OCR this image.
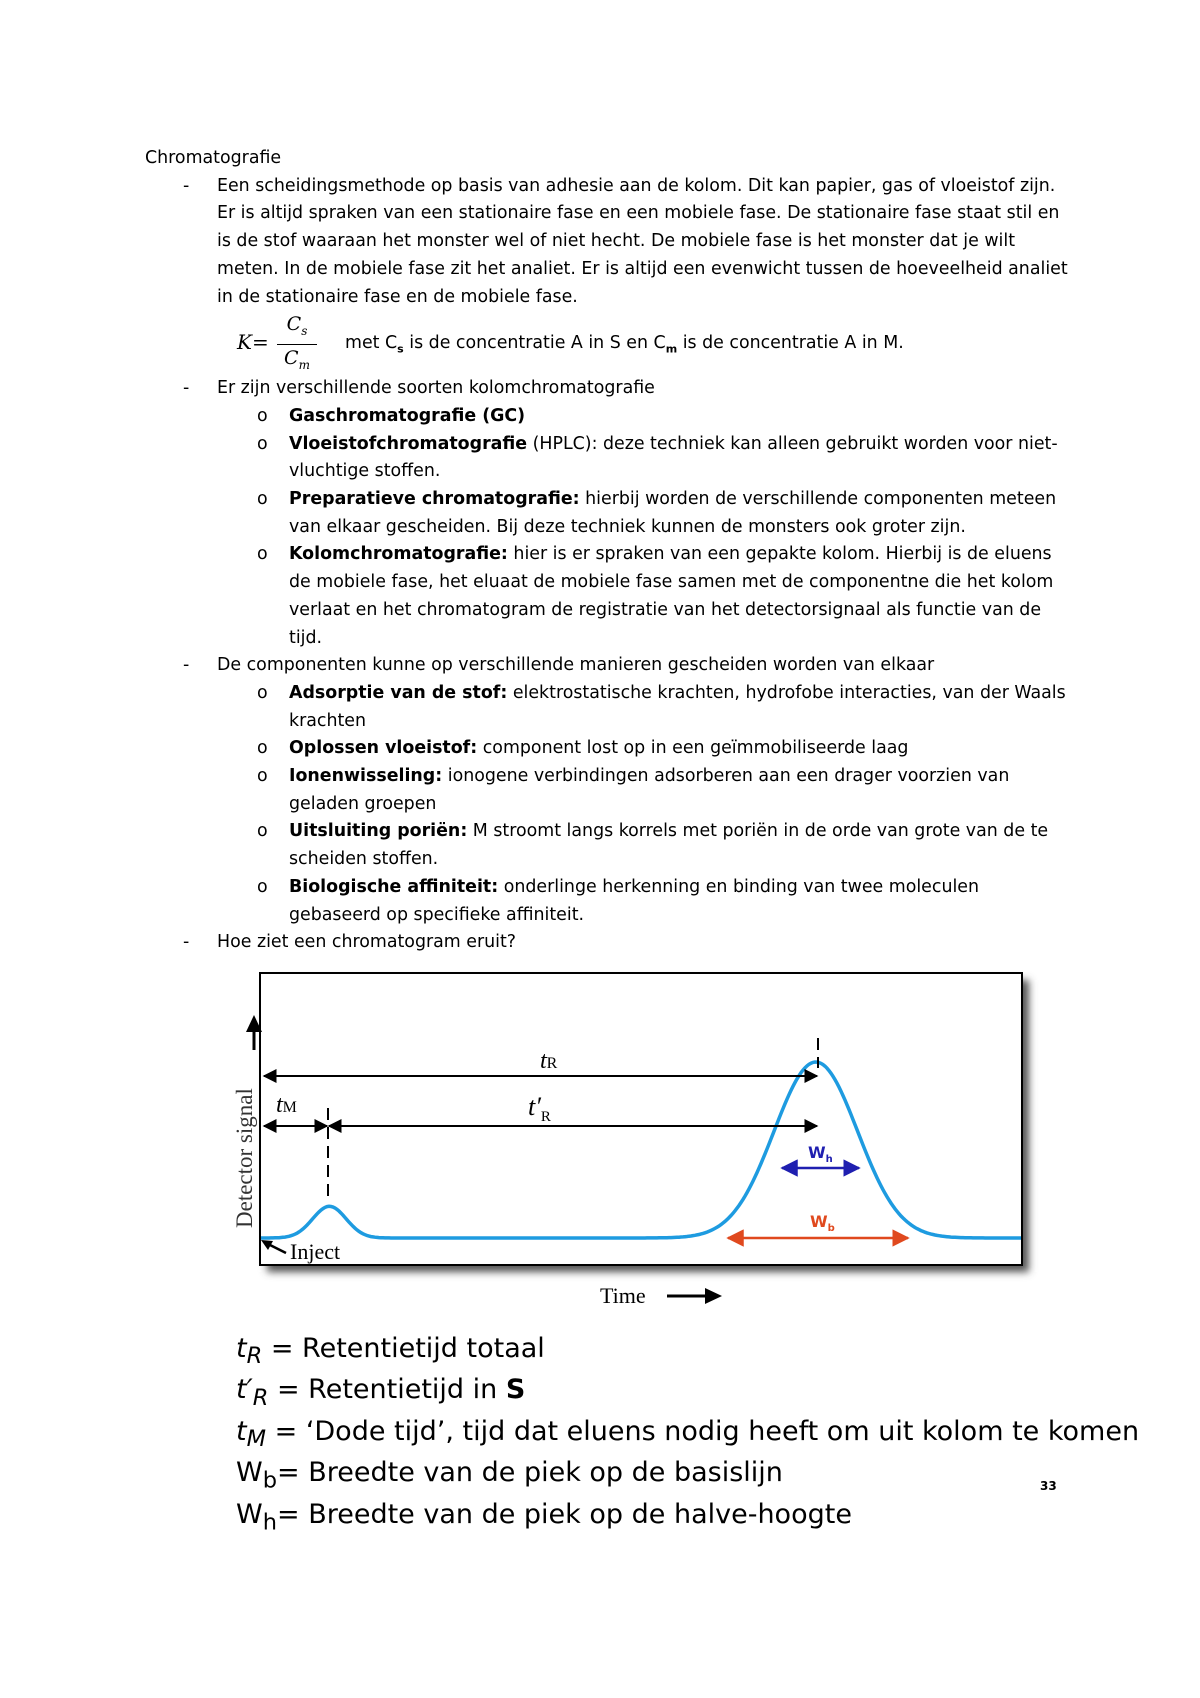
Chromatografie

- Een scheidingsmethode op basis van adhesie aan de kolom. Dit kan papier, gas of vloeistof zijn. Er is altijd spraken van een stationaire fase en een mobiele fase. De stationaire fase staat stil en is de stof waaraan het monster wel of niet hecht. De mobiele fase is het monster dat je wilt meten. In de mobiele fase zit het analiet. Er is altijd een evenwicht tussen de hoeveelheid analiet in de stationaire fase en de mobiele fase.
K=
$C_s$
$C_m$
met $C_s$ is de concentratie A in S en $C_m$ is de concentratie A in M.
- Er zijn verschillende soorten kolomchromatografie
o Gaschromatografie (GC)
o Vloeistofchromatografie (HPLC): deze techniek kan alleen gebruikt worden voor niet-vluchtige stoffen.
o Preparatieve chromatografie: hierbij worden de verschillende componenten meteen van elkaar gescheiden. Bij deze techniek kunnen de monsters ook groter zijn.
o Kolomchromatografie: hier is er spraken van een gepakte kolom. Hierbij is de eluens de mobiele fase, het eluaat de mobiele fase samen met de componentne die het kolom verlaat en het chromatogram de registratie van het detectorsignaal als functie van de tijd.
- De componenten kunne op verschillende manieren gescheiden worden van elkaar
o Adsorptie van de stof: elektrostatische krachten, hydrofobe interacties, van der Waals krachten
o Oplossen vloeistof: component lost op in een geïmmobiliseerde laag
o Ionenwisseling: ionogene verbindingen adsorberen aan een drager voorzien van geladen groepen
o Uitsluiting poriën: M stroomt langs korrels met poriën in de orde van grote van de te scheiden stoffen.
o Biologische affiniteit: onderlinge herkenning en binding van twee moleculen gebaseerd op specifieke affiniteit.
- Hoe ziet een chromatogram eruit?
Detector signal
tR
tM	$t'_R$
$W_h$
$W_b$
Inject
Time
$t_R$ = Retentietijd totaal
$t'_R$ = Retentietijd in S
$t_M$ = ‘Dode tijd’, tijd dat eluens nodig heeft om uit kolom te komen
$W_b=$ Breedte van de piek op de basislijn
$W_h=$ Breedte van de piek op de halve-hoogte
33
